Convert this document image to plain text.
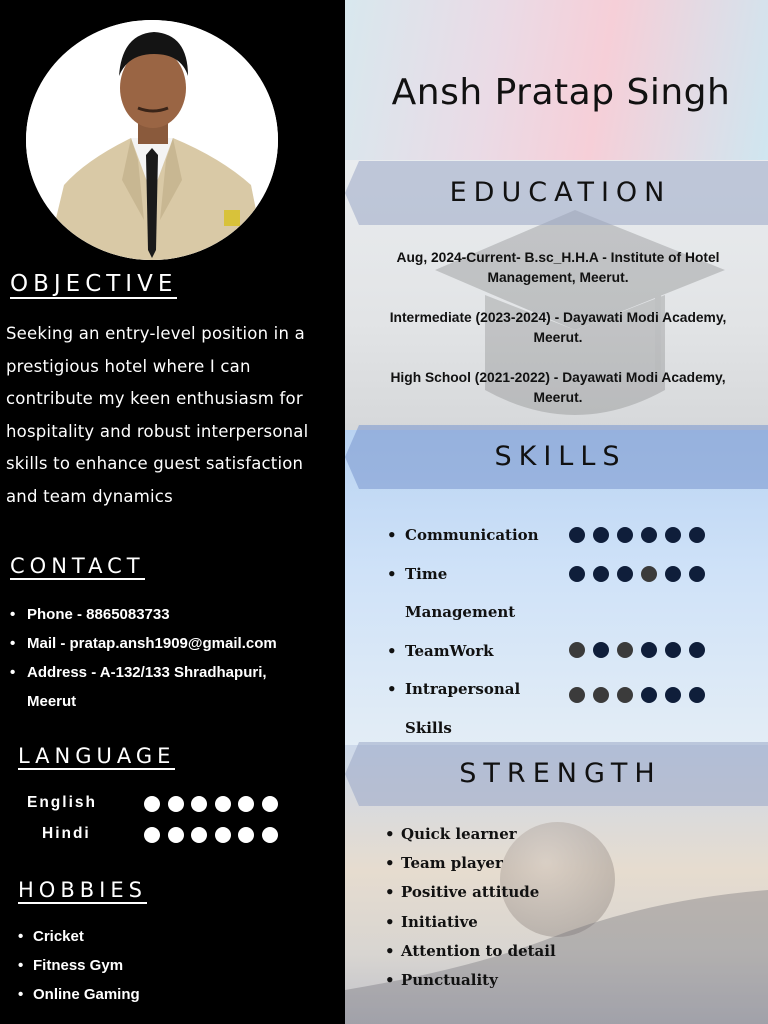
OBJECTIVE

Seeking an entry-level position in a prestigious hotel where I can contribute my keen enthusiasm for hospitality and robust interpersonal skills to enhance guest satisfaction and team dynamics

CONTACT
• Phone - 8865083733
• Mail - pratap.ansh1909@gmail.com
• Address - A-132/133 Shradhapuri,
Meerut
LANGUAGE
English
Hindi
HOBBIES
• Cricket
• Fitness Gym
• Online Gaming
Ansh Pratap Singh
EDUCATION
Aug, 2024-Current- B.sc_H.H.A - Institute of Hotel
Management, Meerut.
Intermediate (2023-2024) - Dayawati Modi Academy,
Meerut.
High School (2021-2022) - Dayawati Modi Academy,
Meerut.
SKILLS
• Communication
• Time
Management
• TeamWork
• Intrapersonal
Skills
STRENGTH
• Quick learner
• Team player
• Positive attitude
• Initiative
• Attention to detail
• Punctuality
